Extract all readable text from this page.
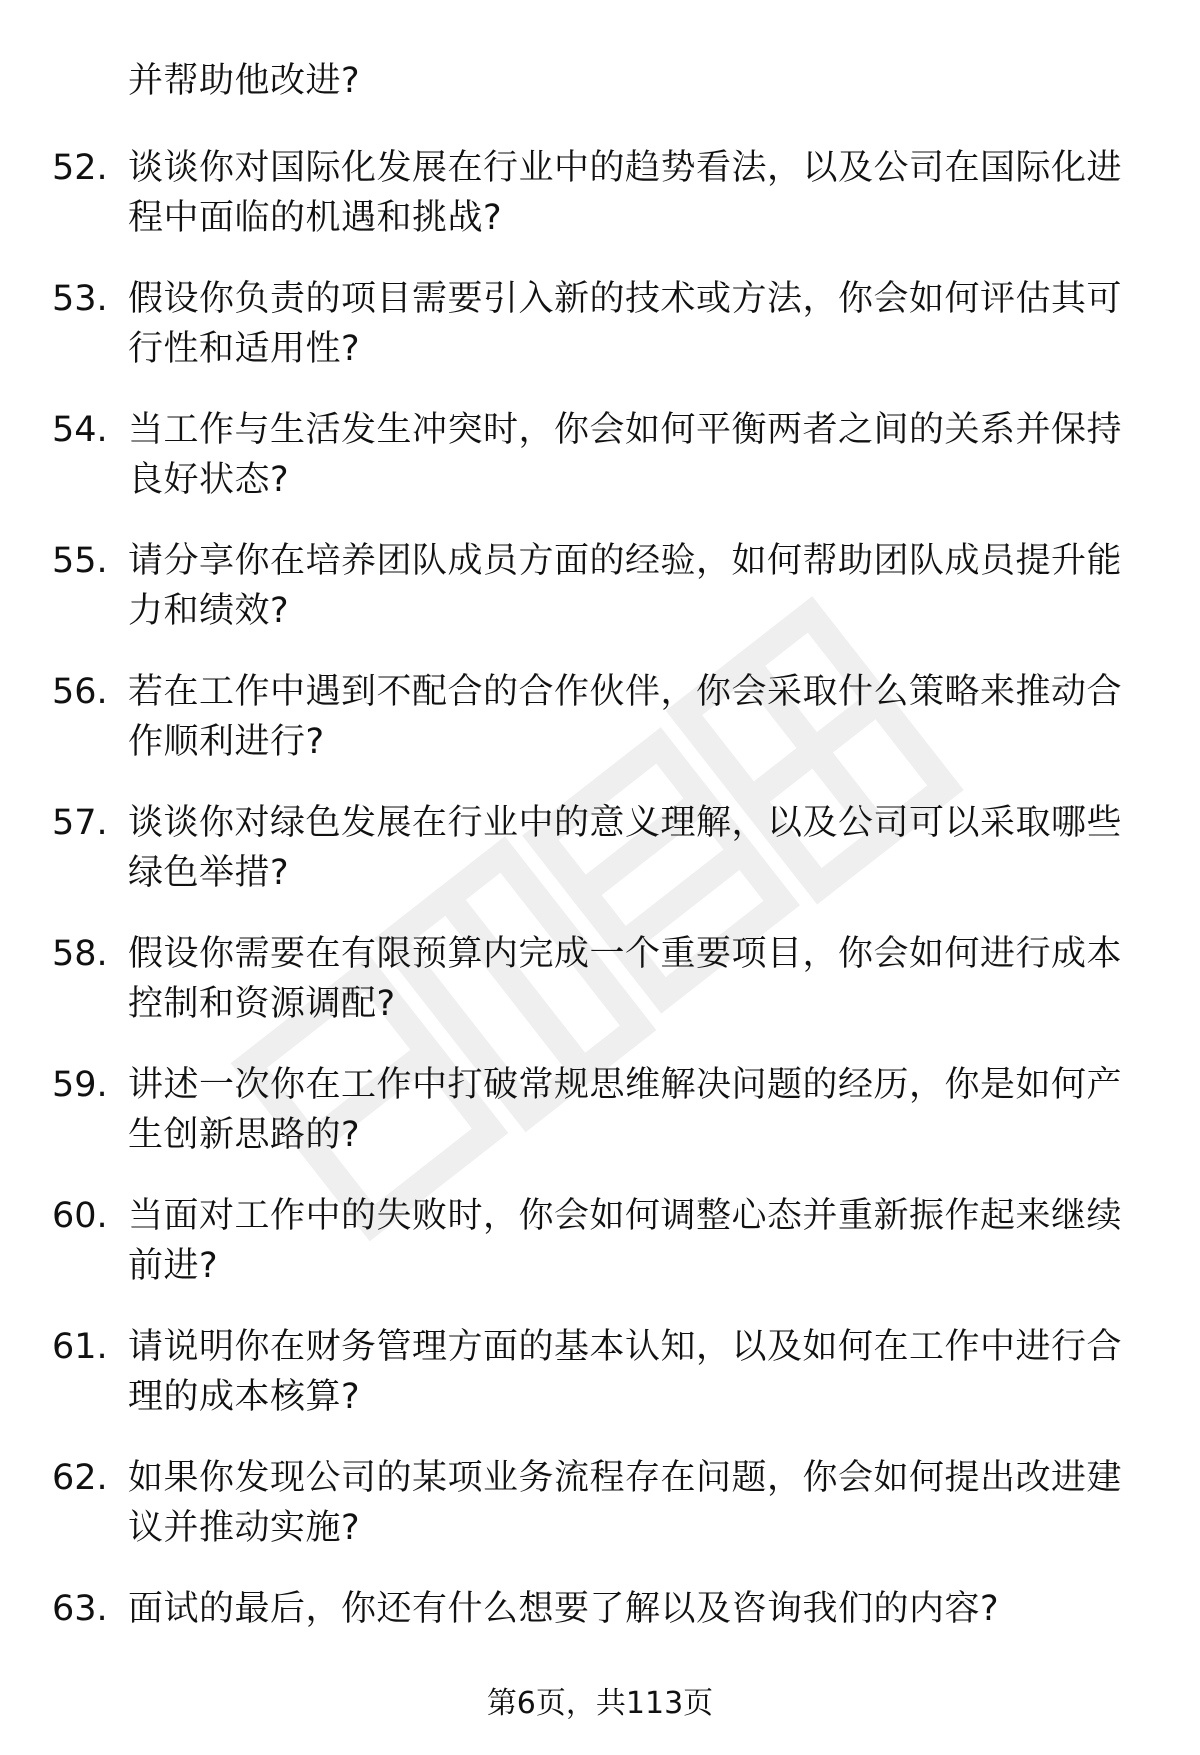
并帮助他改进?
52. 谈谈你对国际化发展在行业中的趋势看法，以及公司在国际化进程中面临的机遇和挑战?
53. 假设你负责的项目需要引入新的技术或方法，你会如何评估其可行性和适用性?
54. 当工作与生活发生冲突时，你会如何平衡两者之间的关系并保持良好状态?
55. 请分享你在培养团队成员方面的经验，如何帮助团队成员提升能力和绩效?
56. 若在工作中遇到不配合的合作伙伴，你会采取什么策略来推动合作顺利进行?
57. 谈谈你对绿色发展在行业中的意义理解，以及公司可以采取哪些绿色举措?
58. 假设你需要在有限预算内完成一个重要项目，你会如何进行成本控制和资源调配?
59. 讲述一次你在工作中打破常规思维解决问题的经历，你是如何产生创新思路的?
60. 当面对工作中的失败时，你会如何调整心态并重新振作起来继续前进?
61. 请说明你在财务管理方面的基本认知，以及如何在工作中进行合理的成本核算?
62. 如果你发现公司的某项业务流程存在问题，你会如何提出改进建议并推动实施?
63. 面试的最后，你还有什么想要了解以及咨询我们的内容?
第6页，共113页
